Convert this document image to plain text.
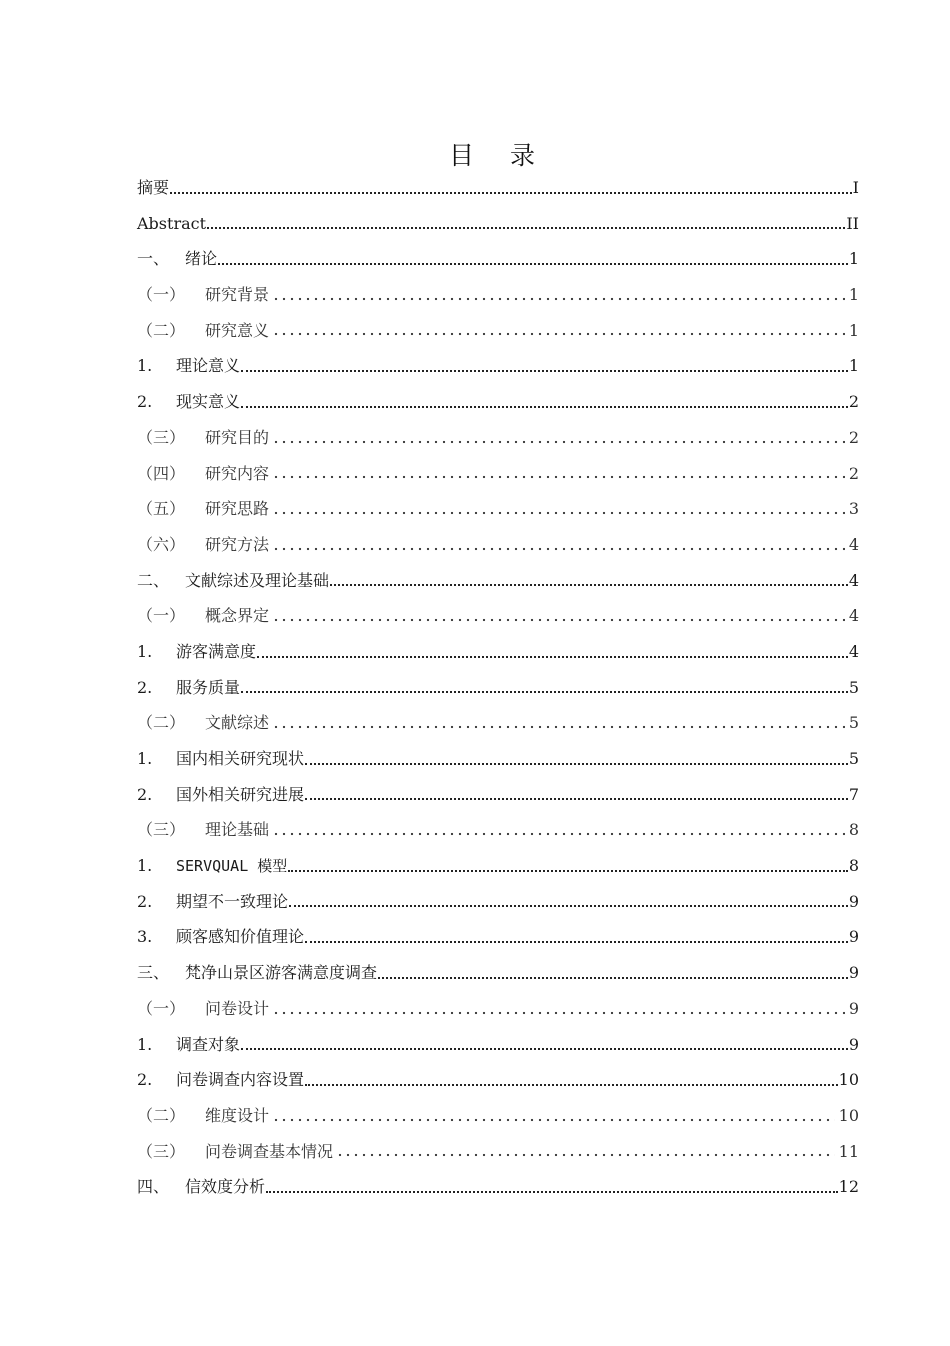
目 录
摘要	I
Abstract	II
一、 绪论	1
（一）	研究背景	1
（二）	研究意义	1
1.	理论意义	1
2.	现实意义	2
（三）	研究目的	2
（四）	研究内容	2
（五）	研究思路	3
（六）	研究方法	4
二、 文献综述及理论基础	4
（一）	概念界定	4
1.	游客满意度	4
2.	服务质量	5
（二）	文献综述	5
1.	国内相关研究现状	5
2.	国外相关研究进展	7
（三）	理论基础	8
1.	SERVQUAL 模型	8
2.	期望不一致理论	9
3.	顾客感知价值理论	9
三、 梵净山景区游客满意度调查	9
（一）	问卷设计	9
1.	调查对象	9
2.	问卷调查内容设置	10
（二）	维度设计	10
（三）	问卷调查基本情况	11
四、 信效度分析	12
